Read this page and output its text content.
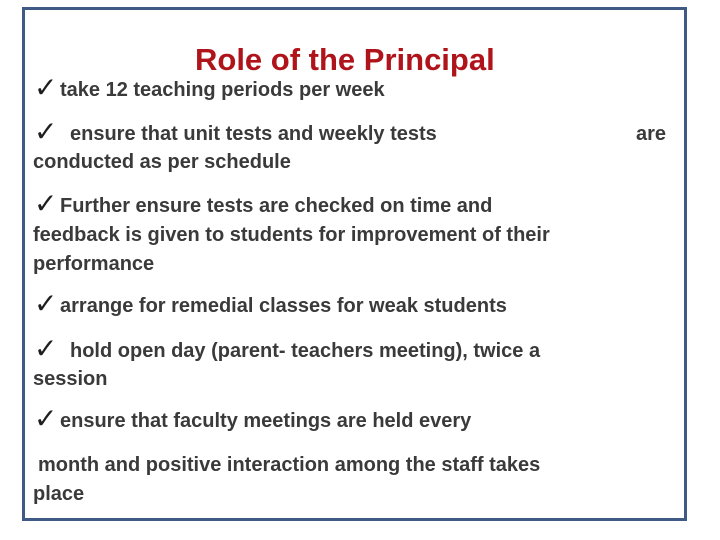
Role of the Principal
✓ take 12 teaching periods per week

✓ ensure that unit tests and weekly tests	are

conducted as per schedule

✓ Further ensure tests are checked on time and

feedback is given to students for improvement of their

performance

✓ arrange for remedial classes for weak students

✓ hold open day (parent- teachers meeting), twice a

session

✓ ensure that faculty meetings are held every

month and positive interaction among the staff takes

place
